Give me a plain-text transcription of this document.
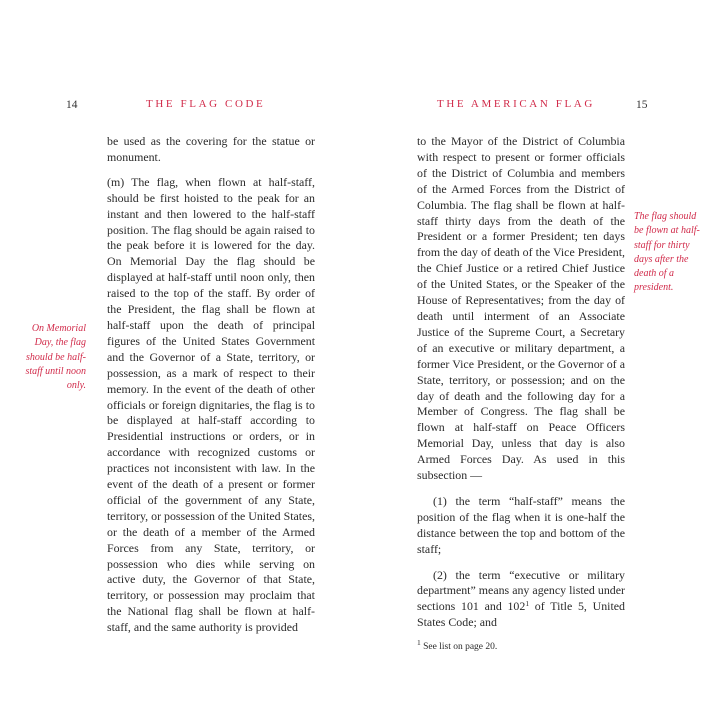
14	THE FLAG CODE
On Memorial Day, the flag should be half-staff until noon only.

be used as the covering for the statue or monument.

(m) The flag, when flown at half-staff, should be first hoisted to the peak for an instant and then lowered to the half-staff position. The flag should be again raised to the peak before it is lowered for the day. On Memorial Day the flag should be displayed at half-staff until noon only, then raised to the top of the staff. By order of the President, the flag shall be flown at half-staff upon the death of principal figures of the United States Government and the Governor of a State, territory, or possession, as a mark of respect to their memory. In the event of the death of other officials or foreign dignitaries, the flag is to be displayed at half-staff according to Presidential instructions or orders, or in accordance with recognized customs or practices not inconsistent with law. In the event of the death of a present or former official of the government of any State, territory, or possession of the United States, or the death of a member of the Armed Forces from any State, territory, or possession who dies while serving on active duty, the Governor of that State, territory, or possession may proclaim that the National flag shall be flown at half-staff, and the same authority is provided

THE AMERICAN FLAG	15
The flag should be flown at half-staff for thirty days after the death of a president.

to the Mayor of the District of Columbia with respect to present or former officials of the District of Columbia and members of the Armed Forces from the District of Columbia. The flag shall be flown at half-staff thirty days from the death of the President or a former President; ten days from the day of death of the Vice President, the Chief Justice or a retired Chief Justice of the United States, or the Speaker of the House of Representatives; from the day of death until interment of an Associate Justice of the Supreme Court, a Secretary of an executive or military department, a former Vice President, or the Governor of a State, territory, or possession; and on the day of death and the following day for a Member of Congress. The flag shall be flown at half-staff on Peace Officers Memorial Day, unless that day is also Armed Forces Day. As used in this subsection —

(1) the term “half-staff” means the position of the flag when it is one-half the distance between the top and bottom of the staff;

(2) the term “executive or military department” means any agency listed under sections 101 and $102^1$ of Title 5, United States Code; and

$^1$ See list on page 20.
